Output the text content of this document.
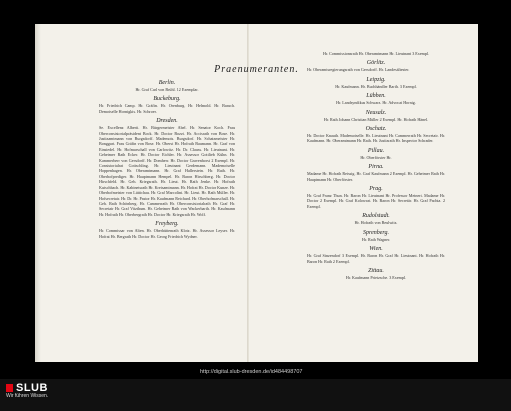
Praenumeranten.
Berlin.
Hr. Graf Carl von Brühl. 12 Exemplar.
Buckeburg.
Hr. Friedrich Camp. Hr. Gräfin. Hr. Orenburg. Hr. Helmold. Hr. Baruch. Demoiselle Hornigkis. Hr. Schroer.
Dresden.
Se. Excellenz Alberti. Hr. Bürgermeister Abel. Hr. Senator Koch. Frau Oberconsistorialpräsident Bock. Hr. Doctor Bozzi. Hr. Accisrath von Bose. Hr. Justizamtmann von Burgsdorff. Mademois. Burgsdorf. Hr. Schatzmeister Hr. Bonggart. Frau Gräfin von Bose. Hr. Oberst Hr. Hofrath Baumann. Hr. Graf von Einsiedel. Hr. Hofmarschall von Carlowitz. Hr. Dr. Clauss. Hr. Lieutnant. Hr. Geheimer Rath Ecker. Hr. Doctor Eichler. Hr. Assessor Gottlieb Kühn. Hr. Kammerherr von Gersdorff. Hr. Domherr. Hr. Doctor Gravenhorst 2 Exempl. Hr. Consistorialrat Gottschling. Hr. Lieutnant Gerdemann. Mademoiselle Hoppenhagen. Hr. Oberamtmann. Hr. Graf Hallerstein. Hr. Rath. Hr. Oberhofprediger. Hr. Hauptmann Hempel. Hr. Baron Hirschberg. Hr. Doctor Hirschfeld. Hr. Geh. Kriegsrath. Hr. Lieut. Hr. Rath Jenke. Hr. Hofrath Kutschbach. Hr. Kabinetsrath Hr. Kreisamtmann. Hr. Hofrat Hr. Doctor Kunze. Hr. Oberhofmeister von Lüttichau. Hr. Graf Marcolini. Hr. Lieut. Hr. Rath Müller. Hr. Hofsecretair. Hr. Dr. Hr. Pastor Hr. Kaufmann Reichard. Hr. Oberhofmarschall. Hr. Geh. Rath Schönberg. Hr. Cammerrath Hr. Oberconsistorialrath Hr. Graf Hr. Secretair Hr. Graf Vitzthum. Hr. Geheimer Rath von Wackerbarth. Hr. Kaufmann Hr. Hofrath Hr. Oberbergrath Hr. Doctor Hr. Kriegsrath Hr. Wolf.
Freyberg.
Hr. Commissar von Alten. Hr. Oberhüttenrath Klotz. Hr. Assessor Leyser. Hr. Hofrat Hr. Bergrath Hr. Doctor Hr. Georg Friedrich Wydner.
Hr. Commissionsrath Hr. Oberamtmann Hr. Lieutnant 3 Exempl.
Görlitz.
Hr. Oberamtsregierungsrath von Gersdorff. Hr. Landesältester.
Leipzig.
Hr. Kaufmann. Hr. Buchhändler Barth. 3 Exempl.
Lübben.
Hr. Landsyndikus Schwarz. Hr. Advocat Hornig.
Neusalz.
Hr. Rath Johann Christian Müller 2 Exempl. Hr. Hofrath Hänel.
Oschatz.
Hr. Doctor Knauth. Mademoiselle. Hr. Lieutnant Hr. Cammerrath Hr. Secretair. Hr. Kaufmann. Hr. Oberamtmann Hr. Rath. Hr. Justizrath Hr. Inspector Schrader.
Pillau.
Hr. Oberförster Hr.
Pirna.
Madame Hr. Hofrath Reissig. Hr. Graf Kaufmann 2 Exempl. Hr. Geheimer Rath Hr. Hauptmann Hr. Oberförster.
Prag.
Hr. Graf Franz Thun. Hr. Baron Hr. Lieutnant Hr. Professor Meinert. Madame Hr. Doctor 2 Exempl. Hr. Graf Kolowrat. Hr. Baron Hr. Secretär. Hr. Graf Pachta. 2 Exempl.
Rudolstadt.
Hr. Hofrath von Beulwitz.
Sprenberg.
Hr. Rath Wagner.
Wien.
Hr. Graf Sinzendorf 3 Exempl. Hr. Baron Hr. Graf Hr. Lieutnant. Hr. Hofrath Hr. Baron Hr. Rath 2 Exempl.
Zittau.
Hr. Kaufmann Prietzsche. 3 Exempl.
http://digital.slub-dresden.de/id484498707
SLUB
Wir führen Wissen.
